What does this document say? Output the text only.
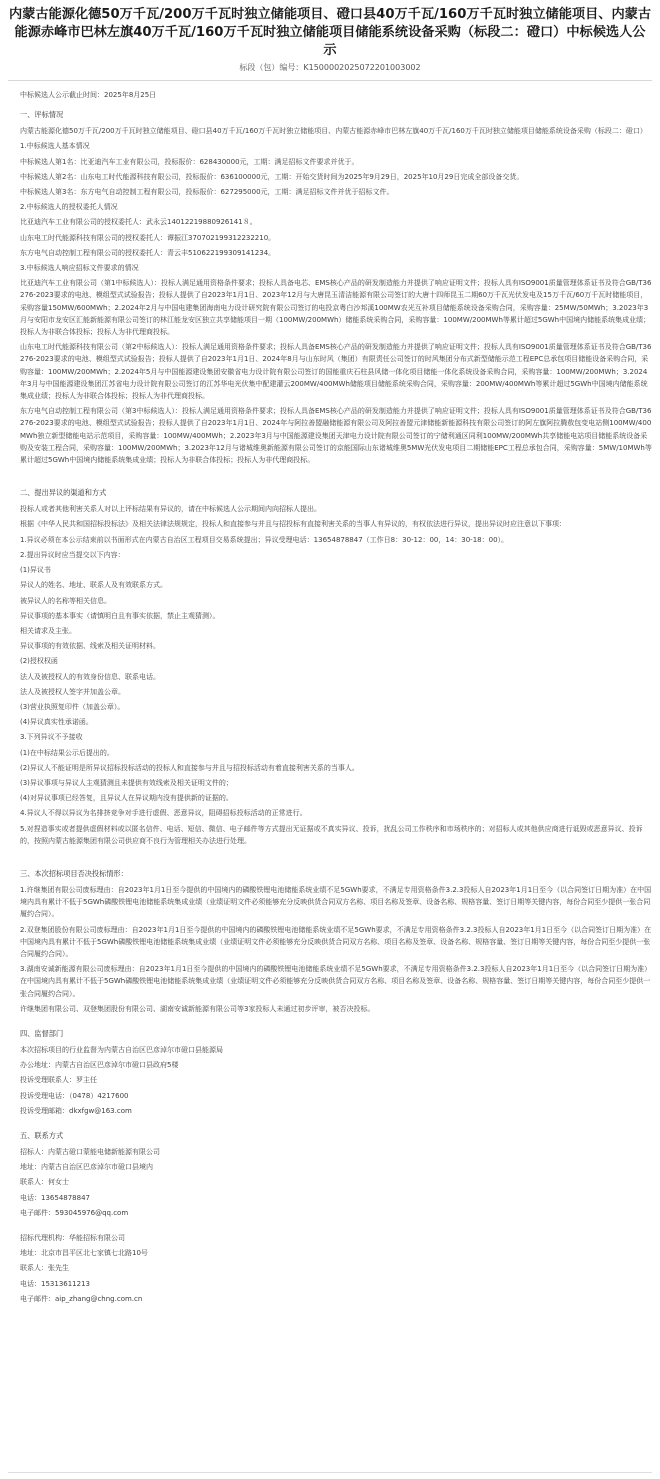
内蒙古能源化德50万千瓦/200万千瓦时独立储能项目、磴口县40万千瓦/160万千瓦时独立储能项目、内蒙古能源赤峰市巴林左旗40万千瓦/160万千瓦时独立储能项目储能系统设备采购（标段二：磴口）中标候选人公示
标段（包）编号：K1500002025072201003002
中标候选人公示截止时间：2025年8月25日
一、评标情况
内蒙古能源化德50万千瓦/200万千瓦时独立储能项目、磴口县40万千瓦/160万千瓦时独立储能项目、内蒙古能源赤峰市巴林左旗40万千瓦/160万千瓦时独立储能项目储能系统设备采购（标段二：磴口）
1.中标候选人基本情况
中标候选人第1名：比亚迪汽车工业有限公司，投标报价：628430000元，工期：满足招标文件要求并优于。
中标候选人第2名：山东电工时代能源科技有限公司，投标报价：636100000元，工期：开始交货时间为2025年9月29日，2025年10月29日完成全部设备交货。
中标候选人第3名：东方电气自动控制工程有限公司，投标报价：627295000元，工期：满足招标文件并优于招标文件。
2.中标候选人的授权委托人情况
比亚迪汽车工业有限公司的授权委托人：武永云14012219880926141８。
山东电工时代能源科技有限公司的授权委托人：谭振江370702199312232210。
东方电气自动控制工程有限公司的授权委托人：青云丰510622199309141234。
3.中标候选人响应招标文件要求的情况
比亚迪汽车工业有限公司（第1中标候选人）：投标人满足通用资格条件要求；投标人具备电芯、EMS核心产品的研发制造能力并提供了响应证明文件；投标人具有ISO9001质量管理体系证书及符合GB/T36276-2023要求的电池、模组型式试验报告；投标人提供了自2023年1月1日、2023年12月与大唐昆玉清洁能源有限公司签订的大唐十四师昆玉二期60万千瓦光伏发电及15万千瓦/60万千瓦时储能项目，采购容量150MW/600MWh；2.2024年2月与中国电建集团海南电力设计研究院有限公司签订的电投京粤白沙邦溪100MW农光互补项目储能系统设备采购合同，采购容量：25MW/50MWh；3.2023年3月与安阳市龙安区汇能新能源有限公司签订的林江能龙安区独立共享储能项目一期（100MW/200MWh）储能系统采购合同，采购容量：100MW/200MWh等累计超过5GWh中国境内储能系统集成业绩；投标人为非联合体投标；投标人为非代理商投标。
山东电工时代能源科技有限公司（第2中标候选人）：投标人满足通用资格条件要求；投标人具备EMS核心产品的研发制造能力并提供了响应证明文件；投标人具有ISO9001质量管理体系证书及符合GB/T36276-2023要求的电池、模组型式试验报告；投标人提供了自2023年1月1日、2024年8月与山东时风（集团）有限责任公司签订的时风集团分布式新型储能示范工程EPC总承包项目储能设备采购合同，采购容量：100MW/200MWh；2.2024年5月与中国能源建设集团安徽省电力设计院有限公司签订的国能重庆石柱县风储一体化项目储能一体化系统设备采购合同，采购容量：100MW/200MWh；3.2024年3月与中国能源建设集团江苏省电力设计院有限公司签订的江苏华电光伏集中配建灌云200MW/400MWh储能项目储能系统采购合同，采购容量：200MW/400MWh等累计超过5GWh中国境内储能系统集成业绩；投标人为非联合体投标；投标人为非代理商投标。
东方电气自动控制工程有限公司（第3中标候选人）：投标人满足通用资格条件要求；投标人具备EMS核心产品的研发制造能力并提供了响应证明文件；投标人具有ISO9001质量管理体系证书及符合GB/T36276-2023要求的电池、模组型式试验报告；投标人提供了自2023年1月1日、2024年与阿拉善盟融储能源有限公司及阿拉善盟元津储能新能源科技有限公司签订的阿左旗阿拉腾敖包变电站侧100MW/400MWh独立新型储能电站示范项目，采购容量：100MW/400MWh；2.2023年3月与中国能源建设集团天津电力设计院有限公司签订的宁储利通区同利100MW/200MWh共享储能电站项目储能系统设备采购及安装工程合同，采购容量：100MW/200MWh；3.2023年12月与诸城维奥新能源有限公司签订的京能国际山东诸城维奥5MW光伏发电项目二期储能EPC工程总承包合同，采购容量：5MW/10MWh等累计超过5GWh中国境内储能系统集成业绩；投标人为非联合体投标；投标人为非代理商投标。
二、提出异议的渠道和方式
投标人或者其他利害关系人对以上评标结果有异议的，请在中标候选人公示期间内向招标人提出。
根据《中华人民共和国招标投标法》及相关法律法规规定，投标人和直接参与并且与招投标有直接利害关系的当事人有异议的，有权依法进行异议，提出异议时应注意以下事项：
1.异议必须在本公示结束前以书面形式在内蒙古自治区工程项目交易系统提出；异议受理电话：13654878847（工作日8：30-12：00，14：30-18：00）。
2.提出异议时应当提交以下内容：
(1)异议书
异议人的姓名、地址、联系人及有效联系方式。
被异议人的名称等相关信息。
异议事项的基本事实（请慎明白且有事实依据，禁止主观猜测）。
相关请求及主张。
异议事项的有效依据、线索及相关证明材料。
(2)授权权函
法人及被授权人的有效身份信息、联系电话。
法人及被授权人签字并加盖公章。
(3)营业执照复印件（加盖公章）。
(4)异议真实性承诺函。
3.下列异议不予接收
(1)在中标结果公示后提出的。
(2)异议人不能证明是所异议招标投标活动的投标人和直接参与并且与招投标活动有着直接利害关系的当事人。
(3)异议事项与异议人主观猜测且未提供有效线索及相关证明文件的；
(4)对异议事项已经答复，且异议人在异议期内没有提供新的证据的。
4.异议人不得以异议为名排挤竞争对手进行虚假、恶意异议，阻碍招标投标活动的正常进行。
5.对捏造事实或者提供虚假材料或以匿名信件、电话、短信、微信、电子邮件等方式提出无证据或不真实异议、投诉，扰乱公司工作秩序和市场秩序的；对招标人或其他供应商进行诋毁或恶意异议、投诉的，按照内蒙古能源集团有限公司供应商不良行为管理相关办法进行处理。
三、本次招标项目否决投标情形：
1.许继集团有限公司废标理由：自2023年1月1日至今提供的中国境内的磷酸铁锂电池储能系统业绩不足5GWh要求，不满足专用资格条件3.2.3投标人自2023年1月1日至今（以合同签订日期为准）在中国境内具有累计不低于5GWh磷酸铁锂电池储能系统集成业绩（业绩证明文件必须能够充分反映供货合同双方名称、项目名称及签章、设备名称、规格容量、签订日期等关键内容，每份合同至少提供一张合同履约合同）。
2.双登集团股份有限公司废标理由：自2023年1月1日至今提供的中国境内的磷酸铁锂电池储能系统业绩不足5GWh要求，不满足专用资格条件3.2.3投标人自2023年1月1日至今（以合同签订日期为准）在中国境内具有累计不低于5GWh磷酸铁锂电池储能系统集成业绩（业绩证明文件必须能够充分反映供货合同双方名称、项目名称及签章、设备名称、规格容量、签订日期等关键内容，每份合同至少提供一张合同履约合同）。
3.湖南安诚新能源有限公司废标理由：自2023年1月1日至今提供的中国境内的磷酸铁锂电池储能系统业绩不足5GWh要求，不满足专用资格条件3.2.3投标人自2023年1月1日至今（以合同签订日期为准）在中国境内具有累计不低于5GWh磷酸铁锂电池储能系统集成业绩（业绩证明文件必须能够充分反映供货合同双方名称、项目名称及签章、设备名称、规格容量、签订日期等关键内容，每份合同至少提供一张合同履约合同）。
许继集团有限公司、双登集团股份有限公司、湖南安诚新能源有限公司等3家投标人未通过初步评审，被否决投标。
四、监督部门
本次招标项目的行业监督为内蒙古自治区巴彦淖尔市磴口县能源局
办公地址：内蒙古自治区巴彦淖尔市磴口县政府5楼
投诉受理联系人：罗主任
投诉受理电话：（0478）4217600
投诉受理邮箱：dkxfgw@163.com
五、联系方式
招标人：内蒙古磴口蒙能电储新能源有限公司
地址：内蒙古自治区巴彦淖尔市磴口县境内
联系人：何女士
电话：13654878847
电子邮件：593045976@qq.com
招标代理机构：华能招标有限公司
地址：北京市昌平区北七家镇七北路10号
联系人：张先生
电话：15313611213
电子邮件：aip_zhang@chng.com.cn
